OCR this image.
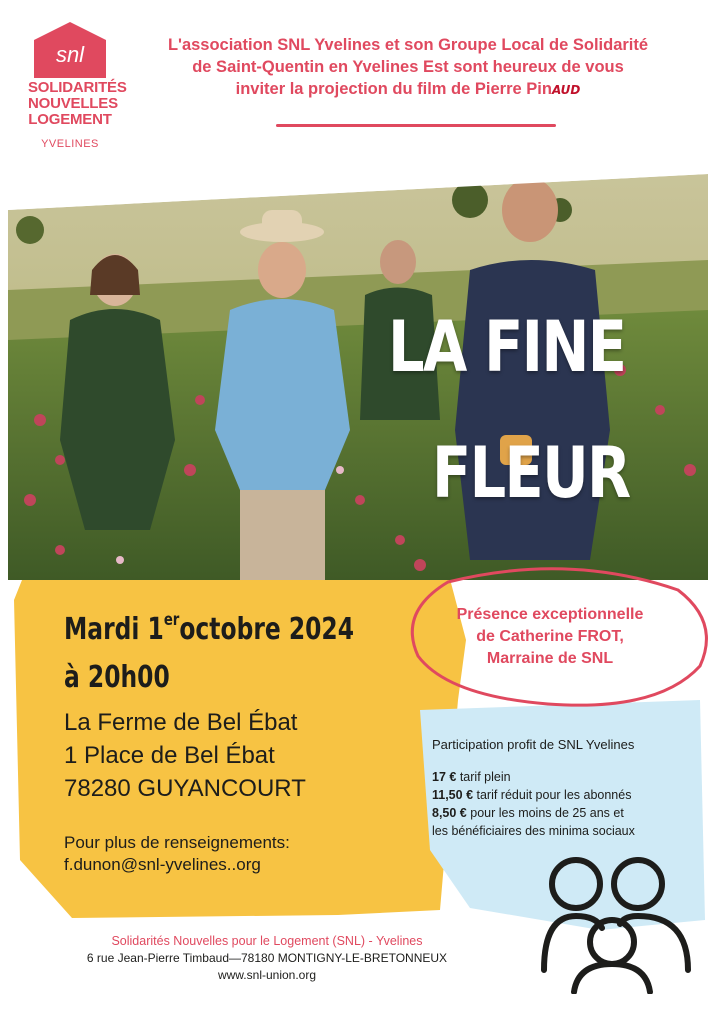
snl
SOLIDARITÉS
NOUVELLES
LOGEMENT
YVELINES
L'association SNL Yvelines et son Groupe Local de Solidarité
de Saint-Quentin en Yvelines Est sont heureux de vous
inviter la projection du film de Pierre PinAUD
LA FINE
FLEUR
Présence exceptionnelle
de Catherine FROT,
Marraine de SNL
Mardi 1eroctobre 2024
à 20h00
La Ferme de Bel Ébat
1 Place de Bel Ébat
78280 GUYANCOURT
Pour plus de renseignements:
f.dunon@snl-yvelines..org
Participation profit de SNL Yvelines
17 € tarif plein
11,50 € tarif réduit pour les abonnés
8,50 € pour les moins de 25 ans et
les bénéficiaires des minima sociaux
Solidarités Nouvelles pour le Logement (SNL) - Yvelines
6 rue Jean-Pierre Timbaud—78180 MONTIGNY-LE-BRETONNEUX
www.snl-union.org
